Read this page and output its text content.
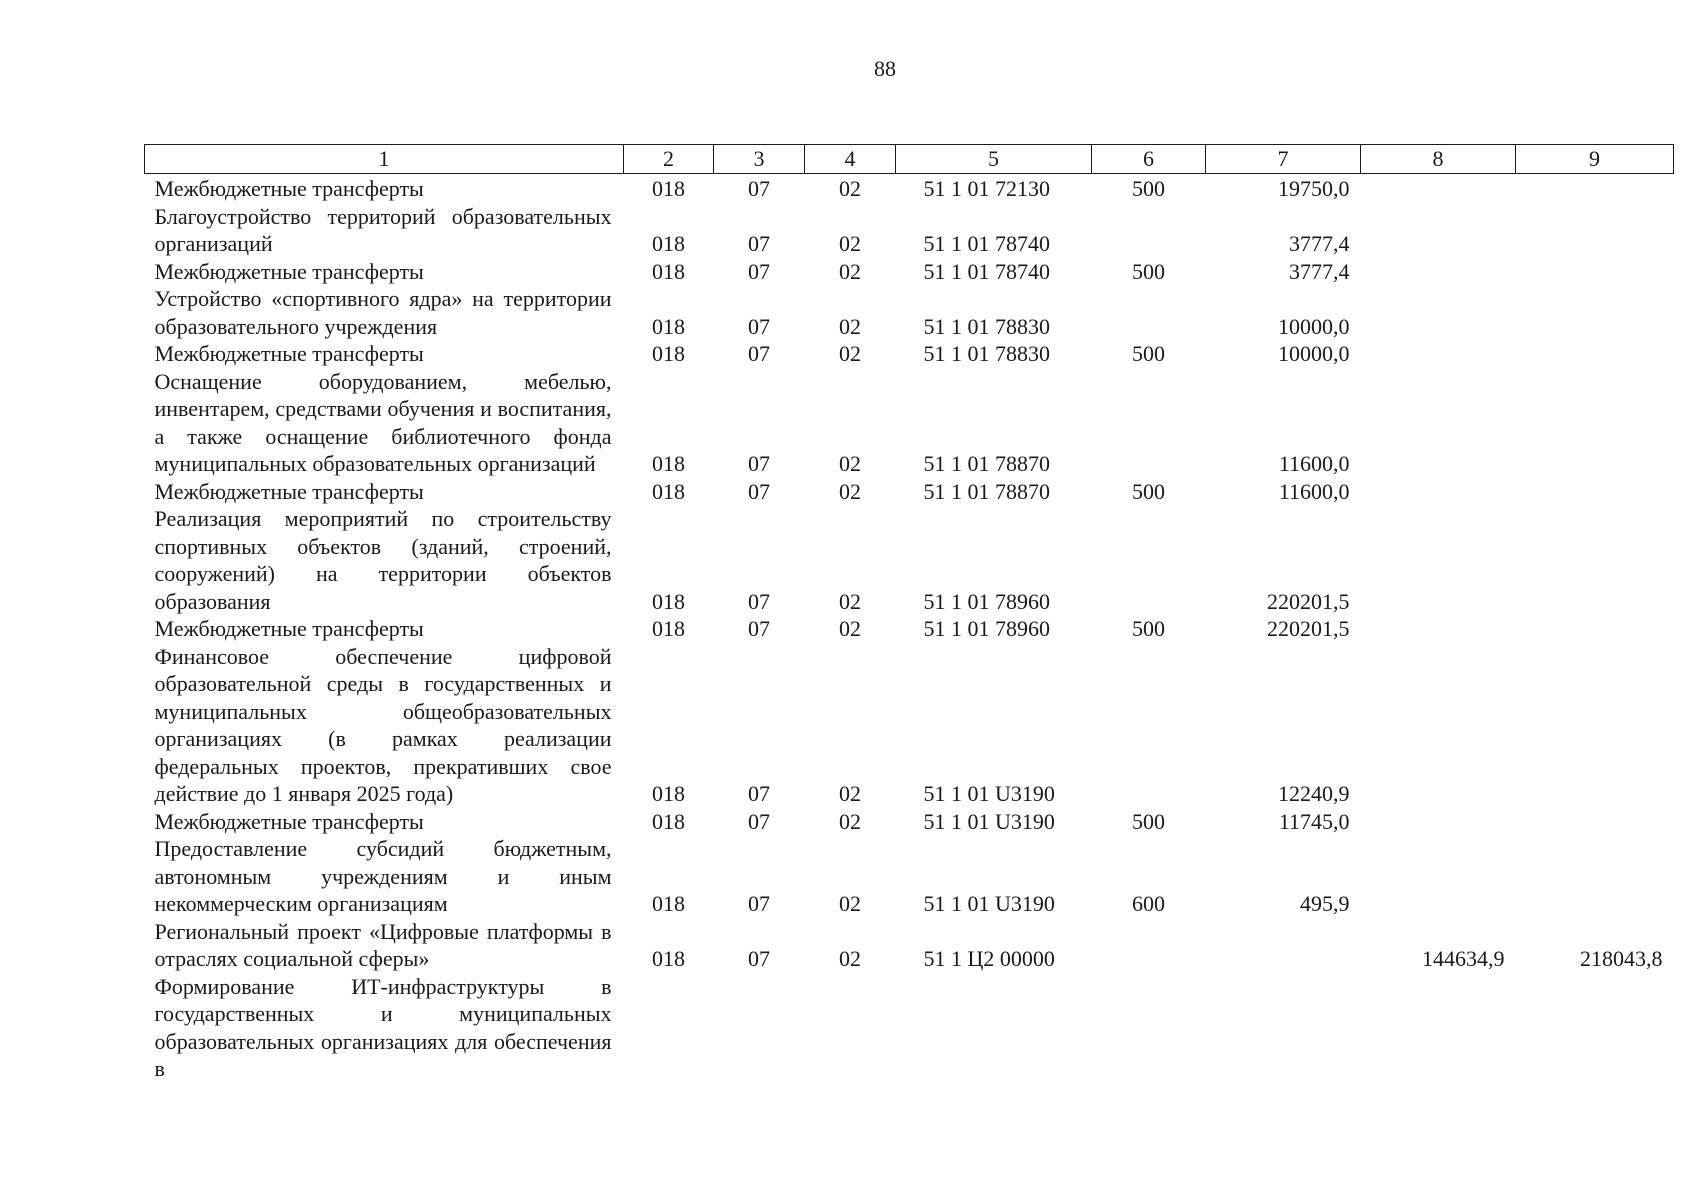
88
1	2	3	4	5	6	7	8	9
Межбюджетные трансферты	018	07	02	51 1 01 72130	500	19750,0		
Благоустройство территорий образовательных организаций	018	07	02	51 1 01 78740		3777,4		
Межбюджетные трансферты	018	07	02	51 1 01 78740	500	3777,4		
Устройство «спортивного ядра» на территории образовательного учреждения	018	07	02	51 1 01 78830		10000,0		
Межбюджетные трансферты	018	07	02	51 1 01 78830	500	10000,0		
Оснащение оборудованием, мебелью, инвентарем, средствами обучения и воспитания, а также оснащение библиотечного фонда муниципальных образовательных организаций	018	07	02	51 1 01 78870		11600,0		
Межбюджетные трансферты	018	07	02	51 1 01 78870	500	11600,0		
Реализация мероприятий по строительству спортивных объектов (зданий, строений, сооружений) на территории объектов образования	018	07	02	51 1 01 78960		220201,5		
Межбюджетные трансферты	018	07	02	51 1 01 78960	500	220201,5		
Финансовое обеспечение цифровой образовательной среды в государственных и муниципальных общеобразовательных организациях (в рамках реализации федеральных проектов, прекративших свое действие до 1 января 2025 года)	018	07	02	51 1 01 U3190		12240,9		
Межбюджетные трансферты	018	07	02	51 1 01 U3190	500	11745,0		
Предоставление субсидий бюджетным, автономным учреждениям и иным некоммерческим организациям	018	07	02	51 1 01 U3190	600	495,9		
Региональный проект «Цифровые платформы в отраслях социальной сферы»	018	07	02	51 1 Ц2 00000			144634,9	218043,8
Формирование ИТ-инфраструктуры в государственных и муниципальных образовательных организациях для обеспечения в								
